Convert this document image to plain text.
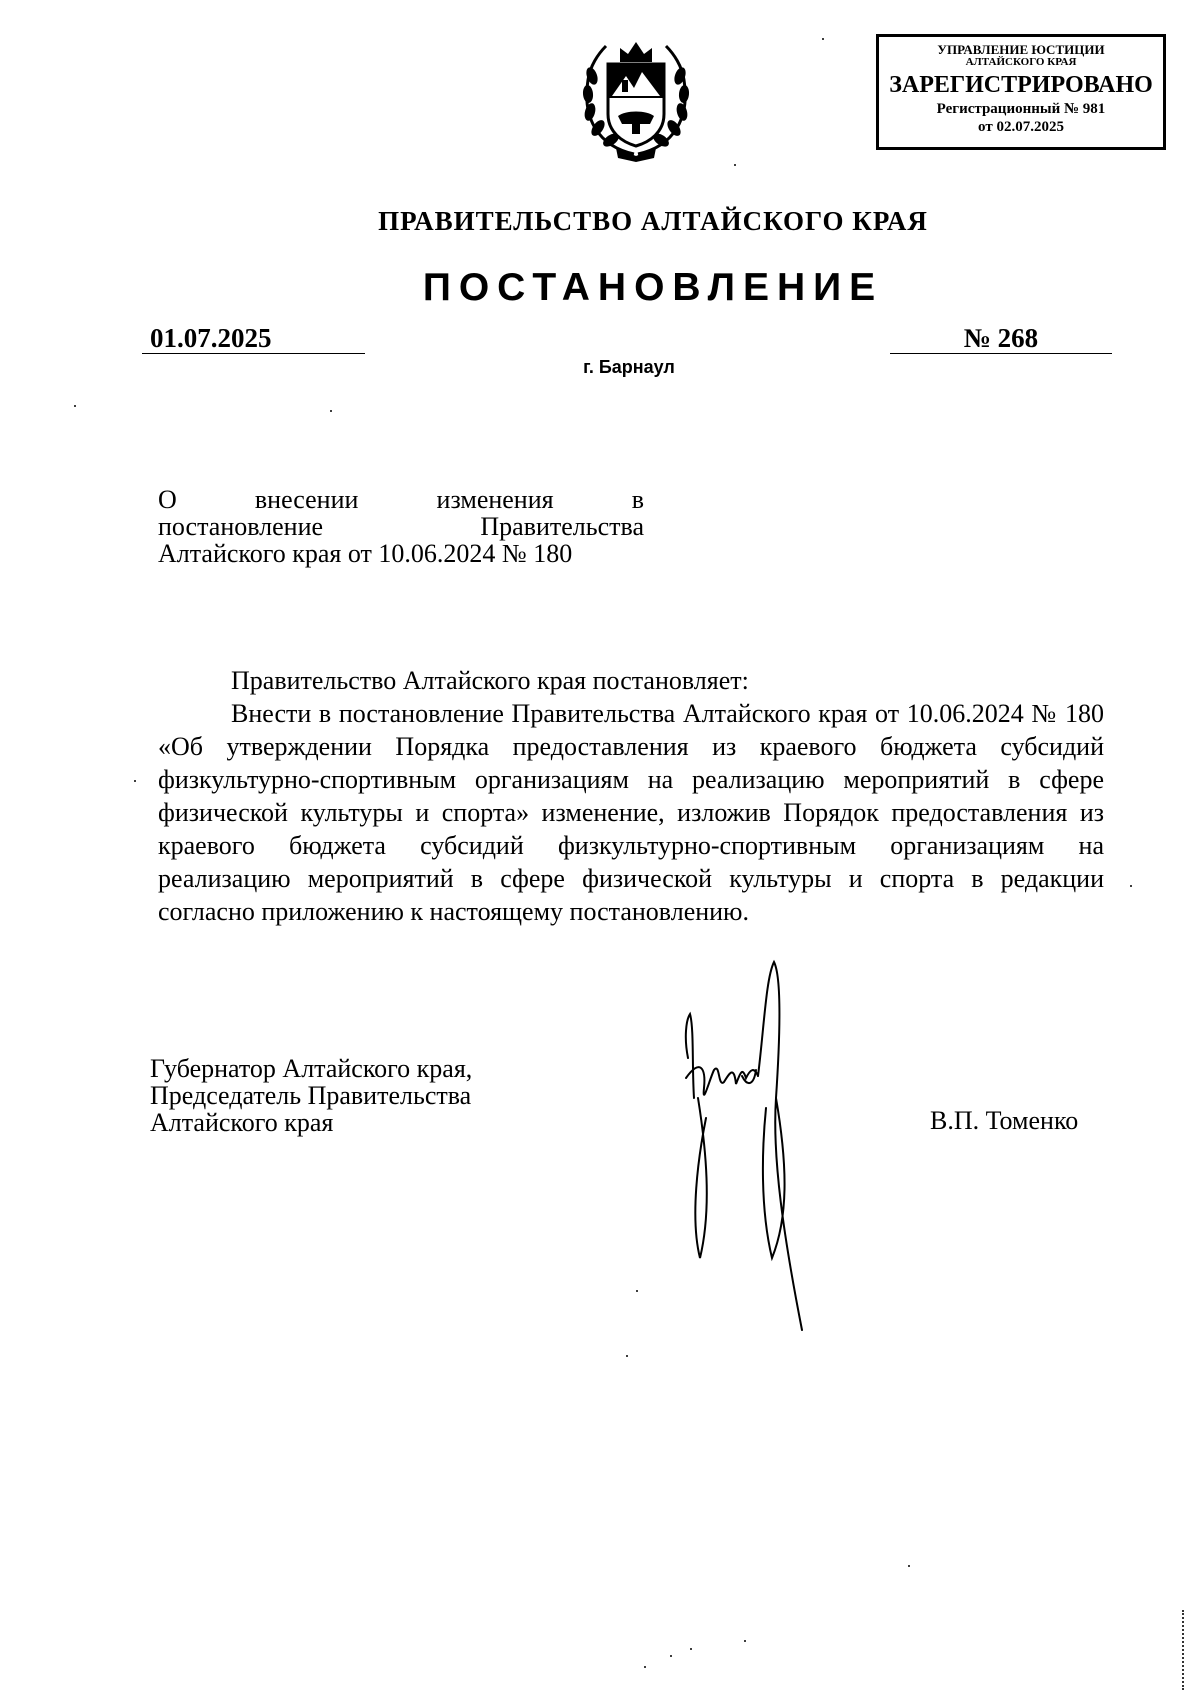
УПРАВЛЕНИЕ ЮСТИЦИИ
АЛТАЙСКОГО КРАЯ
ЗАРЕГИСТРИРОВАНО
Регистрационный № 981
от 02.07.2025
ПРАВИТЕЛЬСТВО АЛТАЙСКОГО КРАЯ
ПОСТАНОВЛЕНИЕ
01.07.2025	№ 268
г. Барнаул
О внесении изменения в
постановление Правительства
Алтайского края от 10.06.2024 № 180

Правительство Алтайского края постановляет:

Внести в постановление Правительства Алтайского края от 10.06.2024 № 180 «Об утверждении Порядка предоставления из краевого бюджета субсидий физкультурно-спортивным организациям на реализацию мероприятий в сфере физической культуры и спорта» изменение, изложив Порядок предоставления из краевого бюджета субсидий физкультурно-спортивным организациям на реализацию мероприятий в сфере физической культуры и спорта в редакции согласно приложению к настоящему постановлению.

Губернатор Алтайского края,
Председатель Правительства
Алтайского края	В.П. Томенко
